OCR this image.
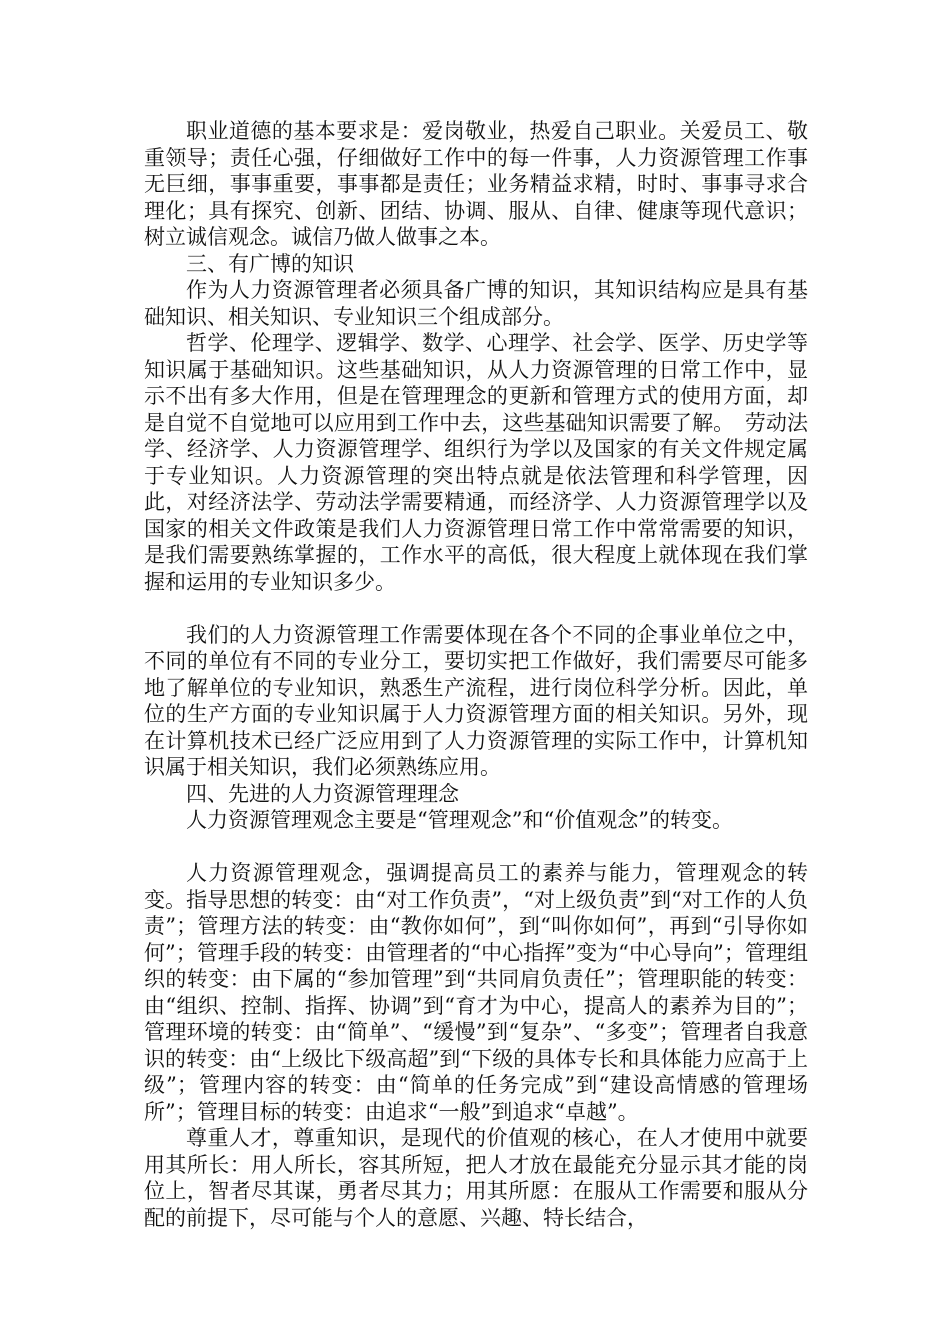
职业道德的基本要求是：爱岗敬业，热爱自己职业。关爱员工、敬重领导；责任心强，仔细做好工作中的每一件事，人力资源管理工作事无巨细，事事重要，事事都是责任；业务精益求精，时时、事事寻求合理化；具有探究、创新、团结、协调、服从、自律、健康等现代意识；树立诚信观念。诚信乃做人做事之本。

三、有广博的知识

作为人力资源管理者必须具备广博的知识，其知识结构应是具有基础知识、相关知识、专业知识三个组成部分。

哲学、伦理学、逻辑学、数学、心理学、社会学、医学、历史学等知识属于基础知识。这些基础知识，从人力资源管理的日常工作中，显示不出有多大作用，但是在管理理念的更新和管理方式的使用方面，却是自觉不自觉地可以应用到工作中去，这些基础知识需要了解。　劳动法学、经济学、人力资源管理学、组织行为学以及国家的有关文件规定属于专业知识。人力资源管理的突出特点就是依法管理和科学管理，因此，对经济法学、劳动法学需要精通，而经济学、人力资源管理学以及国家的相关文件政策是我们人力资源管理日常工作中常常需要的知识，是我们需要熟练掌握的，工作水平的高低，很大程度上就体现在我们掌握和运用的专业知识多少。

我们的人力资源管理工作需要体现在各个不同的企事业单位之中，不同的单位有不同的专业分工，要切实把工作做好，我们需要尽可能多地了解单位的专业知识，熟悉生产流程，进行岗位科学分析。因此，单位的生产方面的专业知识属于人力资源管理方面的相关知识。另外，现在计算机技术已经广泛应用到了人力资源管理的实际工作中，计算机知识属于相关知识，我们必须熟练应用。

四、先进的人力资源管理理念

人力资源管理观念主要是“管理观念”和“价值观念”的转变。

人力资源管理观念，强调提高员工的素养与能力，管理观念的转变。指导思想的转变：由“对工作负责”，“对上级负责”到“对工作的人负责”；管理方法的转变：由“教你如何”，到“叫你如何”，再到“引导你如何”；管理手段的转变：由管理者的“中心指挥”变为“中心导向”；管理组织的转变：由下属的“参加管理”到“共同肩负责任”；管理职能的转变：由“组织、控制、指挥、协调”到“育才为中心，提高人的素养为目的”；管理环境的转变：由“简单”、“缓慢”到“复杂”、“多变”；管理者自我意识的转变：由“上级比下级高超”到“下级的具体专长和具体能力应高于上级”；管理内容的转变：由“简单的任务完成”到“建设高情感的管理场所”；管理目标的转变：由追求“一般”到追求“卓越”。

尊重人才，尊重知识，是现代的价值观的核心，在人才使用中就要用其所长：用人所长，容其所短，把人才放在最能充分显示其才能的岗位上，智者尽其谋，勇者尽其力；用其所愿：在服从工作需要和服从分配的前提下，尽可能与个人的意愿、兴趣、特长结合，
